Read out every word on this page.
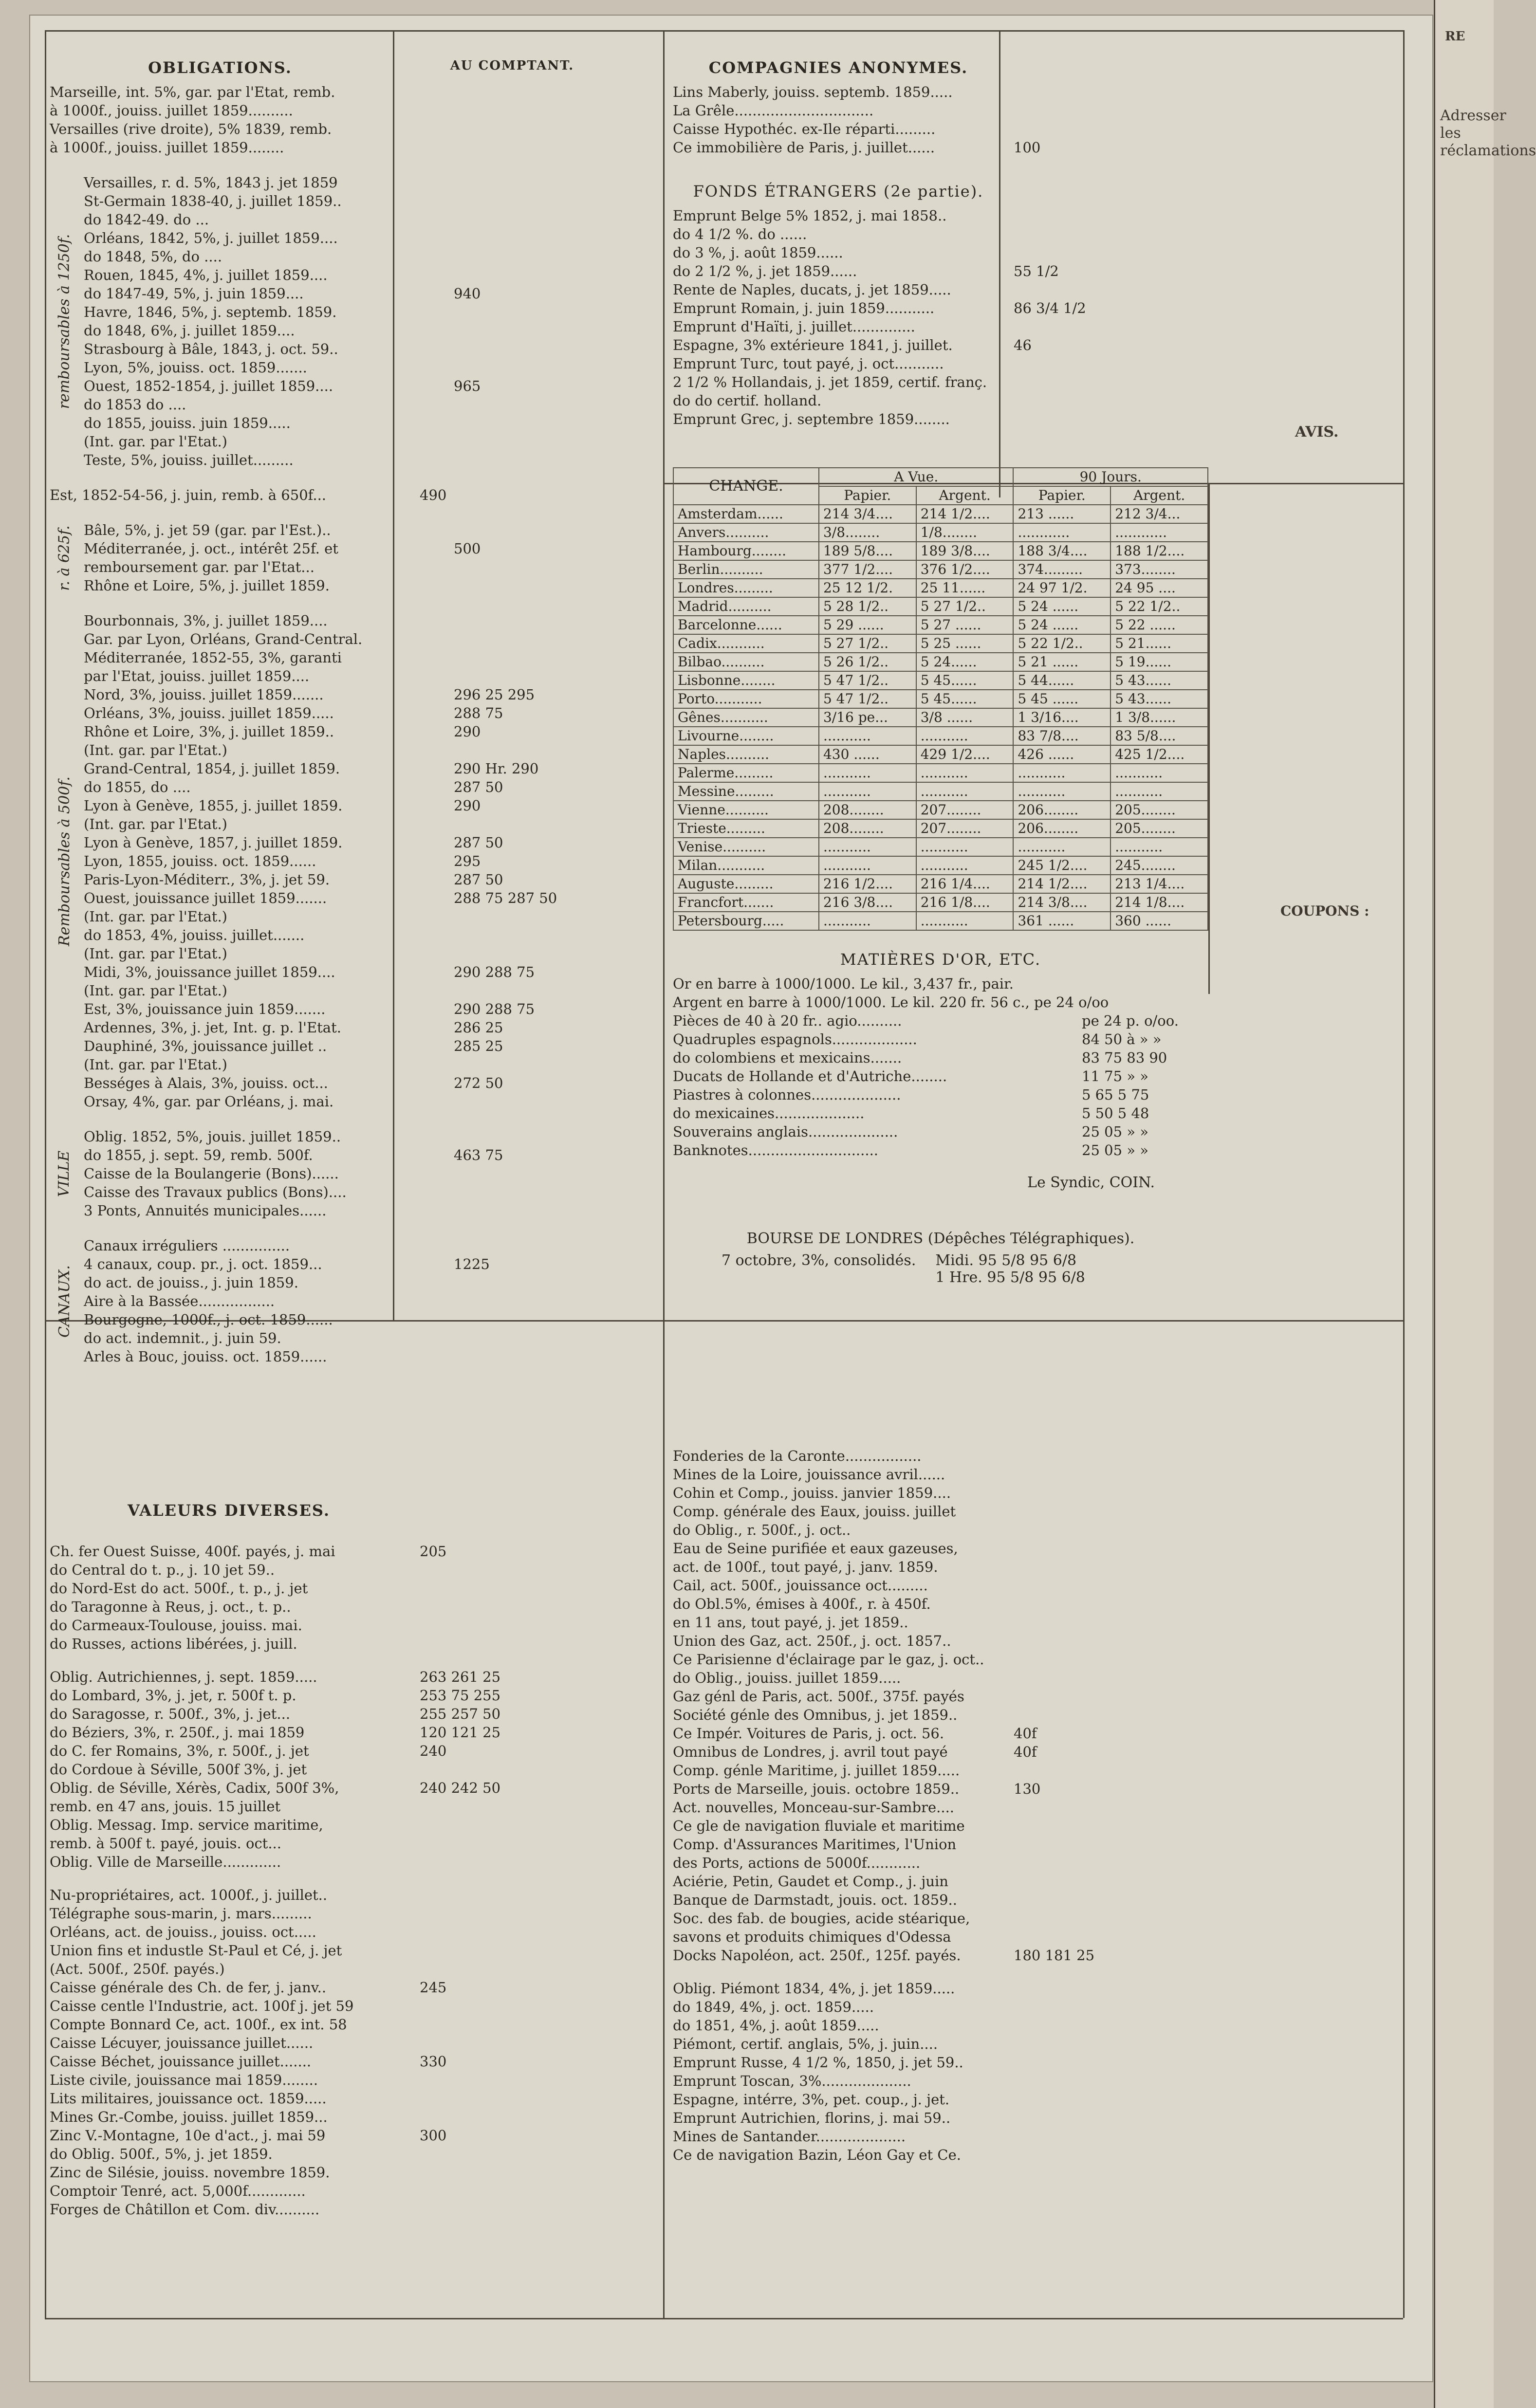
OBLIGATIONS.	AU COMPTANT.
Marseille, int. 5%, gar. par l'Etat, remb.
à 1000f., jouiss. juillet 1859..........
Versailles (rive droite), 5% 1839, remb.
à 1000f., jouiss. juillet 1859........
remboursables à 1250f.
Versailles, r. d. 5%, 1843 j. jet 1859
St-Germain 1838-40, j. juillet 1859..
do 1842-49. do ...
Orléans, 1842, 5%, j. juillet 1859....
do 1848, 5%, do ....
Rouen, 1845, 4%, j. juillet 1859....
do 1847-49, 5%, j. juin 1859....	940
Havre, 1846, 5%, j. septemb. 1859.
do 1848, 6%, j. juillet 1859....
Strasbourg à Bâle, 1843, j. oct. 59..
Lyon, 5%, jouiss. oct. 1859.......
Ouest, 1852-1854, j. juillet 1859....	965
do 1853 do ....
do 1855, jouiss. juin 1859.....
(Int. gar. par l'Etat.)
Teste, 5%, jouiss. juillet.........
Est, 1852-54-56, j. juin, remb. à 650f...	490
r. à 625f. Bâle, 5%, j. jet 59 (gar. par l'Est.)..
Méditerranée, j. oct., intérêt 25f. et	500
remboursement gar. par l'Etat...
Rhône et Loire, 5%, j. juillet 1859.
Remboursables à 500f.
Bourbonnais, 3%, j. juillet 1859....
Gar. par Lyon, Orléans, Grand-Central.
Méditerranée, 1852-55, 3%, garanti
par l'Etat, jouiss. juillet 1859....
Nord, 3%, jouiss. juillet 1859.......	296 25 295
Orléans, 3%, jouiss. juillet 1859.....	288 75
Rhône et Loire, 3%, j. juillet 1859..	290
(Int. gar. par l'Etat.)
Grand-Central, 1854, j. juillet 1859.	290 Hr. 290
do 1855, do ....	287 50
Lyon à Genève, 1855, j. juillet 1859.	290
(Int. gar. par l'Etat.)
Lyon à Genève, 1857, j. juillet 1859.	287 50
Lyon, 1855, jouiss. oct. 1859......	295
Paris-Lyon-Méditerr., 3%, j. jet 59.	287 50
Ouest, jouissance juillet 1859.......	288 75 287 50
(Int. gar. par l'Etat.)
do 1853, 4%, jouiss. juillet.......
(Int. gar. par l'Etat.)
Midi, 3%, jouissance juillet 1859....	290 288 75
(Int. gar. par l'Etat.)
Est, 3%, jouissance juin 1859.......	290 288 75
Ardennes, 3%, j. jet, Int. g. p. l'Etat.	286 25
Dauphiné, 3%, jouissance juillet ..	285 25
(Int. gar. par l'Etat.)
Bességes à Alais, 3%, jouiss. oct...	272 50
Orsay, 4%, gar. par Orléans, j. mai.
VILLE
Oblig. 1852, 5%, jouis. juillet 1859..
do 1855, j. sept. 59, remb. 500f.	463 75
Caisse de la Boulangerie (Bons)......
Caisse des Travaux publics (Bons)....
3 Ponts, Annuités municipales......
CANAUX.
Canaux irréguliers ...............
4 canaux, coup. pr., j. oct. 1859...	1225
do act. de jouiss., j. juin 1859.
Aire à la Bassée.................
Bourgogne, 1000f., j. oct. 1859......
do act. indemnit., j. juin 59.
Arles à Bouc, jouiss. oct. 1859......
VALEURS DIVERSES.
Ch. fer Ouest Suisse, 400f. payés, j. mai	205
do Central do t. p., j. 10 jet 59..
do Nord-Est do act. 500f., t. p., j. jet
do Taragonne à Reus, j. oct., t. p..
do Carmeaux-Toulouse, jouiss. mai.
do Russes, actions libérées, j. juill.
Oblig. Autrichiennes, j. sept. 1859.....	263 261 25
do Lombard, 3%, j. jet, r. 500f t. p.	253 75 255
do Saragosse, r. 500f., 3%, j. jet...	255 257 50
do Béziers, 3%, r. 250f., j. mai 1859	120 121 25
do C. fer Romains, 3%, r. 500f., j. jet	240
do Cordoue à Séville, 500f 3%, j. jet
Oblig. de Séville, Xérès, Cadix, 500f 3%,	240 242 50
remb. en 47 ans, jouis. 15 juillet
Oblig. Messag. Imp. service maritime,
remb. à 500f t. payé, jouis. oct...
Oblig. Ville de Marseille.............
Nu-propriétaires, act. 1000f., j. juillet..
Télégraphe sous-marin, j. mars.........
Orléans, act. de jouiss., jouiss. oct.....
Union fins et industle St-Paul et Cé, j. jet
(Act. 500f., 250f. payés.)
Caisse générale des Ch. de fer, j. janv..	245
Caisse centle l'Industrie, act. 100f j. jet 59
Compte Bonnard Ce, act. 100f., ex int. 58
Caisse Lécuyer, jouissance juillet......
Caisse Béchet, jouissance juillet.......	330
Liste civile, jouissance mai 1859........
Lits militaires, jouissance oct. 1859.....
Mines Gr.-Combe, jouiss. juillet 1859...
Zinc V.-Montagne, 10e d'act., j. mai 59	300
do Oblig. 500f., 5%, j. jet 1859.
Zinc de Silésie, jouiss. novembre 1859.
Comptoir Tenré, act. 5,000f.............
Forges de Châtillon et Com. div..........
COMPAGNIES ANONYMES.
Lins Maberly, jouiss. septemb. 1859.....
La Grêle...............................
Caisse Hypothéc. ex-Ile réparti.........
Ce immobilière de Paris, j. juillet......	100
FONDS ÉTRANGERS (2e partie).
Emprunt Belge 5% 1852, j. mai 1858..
do 4 1/2 %. do ......
do 3 %, j. août 1859......
do 2 1/2 %, j. jet 1859......	55 1/2
Rente de Naples, ducats, j. jet 1859.....
Emprunt Romain, j. juin 1859...........	86 3/4 1/2
Emprunt d'Haïti, j. juillet..............
Espagne, 3% extérieure 1841, j. juillet.	46
Emprunt Turc, tout payé, j. oct...........
2 1/2 % Hollandais, j. jet 1859, certif. franç.
do do certif. holland.
Emprunt Grec, j. septembre 1859........
CHANGE.	A Vue.		90 Jours.	
	Papier.	Argent.	Papier.	Argent.
Amsterdam......	214 3/4....	214 1/2....	213 ......	212 3/4...
Anvers..........	3/8........	1/8........	............	............
Hambourg........	189 5/8....	189 3/8....	188 3/4....	188 1/2....
Berlin..........	377 1/2....	376 1/2....	374.........	373........
Londres.........	25 12 1/2.	25 11......	24 97 1/2.	24 95 ....
Madrid..........	5 28 1/2..	5 27 1/2..	5 24 ......	5 22 1/2..
Barcelonne......	5 29 ......	5 27 ......	5 24 ......	5 22 ......
Cadix...........	5 27 1/2..	5 25 ......	5 22 1/2..	5 21......
Bilbao..........	5 26 1/2..	5 24......	5 21 ......	5 19......
Lisbonne........	5 47 1/2..	5 45......	5 44......	5 43......
Porto...........	5 47 1/2..	5 45......	5 45 ......	5 43......
Gênes...........	3/16 pe...	3/8 ......	1 3/16....	1 3/8......
Livourne........	...........	...........	83 7/8....	83 5/8....
Naples..........	430 ......	429 1/2....	426 ......	425 1/2....
Palerme.........	...........	...........	...........	...........
Messine.........	...........	...........	...........	...........
Vienne..........	208........	207........	206........	205........
Trieste.........	208........	207........	206........	205........
Venise..........	...........	...........	...........	...........
Milan...........	...........	...........	245 1/2....	245........
Auguste.........	216 1/2....	216 1/4....	214 1/2....	213 1/4....
Francfort.......	216 3/8....	216 1/8....	214 3/8....	214 1/8....
Petersbourg.....	...........	...........	361 ......	360 ......
MATIÈRES D'OR, ETC.
Or en barre à 1000/1000. Le kil., 3,437 fr., pair.
Argent en barre à 1000/1000. Le kil. 220 fr. 56 c., pe 24 o/oo
Pièces de 40 à 20 fr.. agio..........	pe 24 p. o/oo.
Quadruples espagnols...................	84 50 à » »
do colombiens et mexicains.......	83 75 83 90
Ducats de Hollande et d'Autriche........	11 75 » »
Piastres à colonnes....................	5 65 5 75
do mexicaines....................	5 50 5 48
Souverains anglais....................	25 05 » »
Banknotes.............................	25 05 » »
Le Syndic, COIN.
BOURSE DE LONDRES (Dépêches Télégraphiques).
7 octobre, 3%, consolidés. Midi. 95 5/8 95 6/8
1 Hre. 95 5/8 95 6/8
Fonderies de la Caronte.................
Mines de la Loire, jouissance avril......
Cohin et Comp., jouiss. janvier 1859....
Comp. générale des Eaux, jouiss. juillet
do Oblig., r. 500f., j. oct..
Eau de Seine purifiée et eaux gazeuses,
act. de 100f., tout payé, j. janv. 1859.
Cail, act. 500f., jouissance oct.........
do Obl.5%, émises à 400f., r. à 450f.
en 11 ans, tout payé, j. jet 1859..
Union des Gaz, act. 250f., j. oct. 1857..
Ce Parisienne d'éclairage par le gaz, j. oct..
do Oblig., jouiss. juillet 1859.....
Gaz génl de Paris, act. 500f., 375f. payés
Société génle des Omnibus, j. jet 1859..
Ce Impér. Voitures de Paris, j. oct. 56.	40f
Omnibus de Londres, j. avril tout payé	40f
Comp. génle Maritime, j. juillet 1859.....
Ports de Marseille, jouis. octobre 1859..	130
Act. nouvelles, Monceau-sur-Sambre....
Ce gle de navigation fluviale et maritime
Comp. d'Assurances Maritimes, l'Union
des Ports, actions de 5000f............
Aciérie, Petin, Gaudet et Comp., j. juin
Banque de Darmstadt, jouis. oct. 1859..
Soc. des fab. de bougies, acide stéarique,
savons et produits chimiques d'Odessa
Docks Napoléon, act. 250f., 125f. payés.	180 181 25
Oblig. Piémont 1834, 4%, j. jet 1859.....
do 1849, 4%, j. oct. 1859.....
do 1851, 4%, j. août 1859.....
Piémont, certif. anglais, 5%, j. juin....
Emprunt Russe, 4 1/2 %, 1850, j. jet 59..
Emprunt Toscan, 3%....................
Espagne, intérre, 3%, pet. coup., j. jet.
Emprunt Autrichien, florins, j. mai 59..
Mines de Santander....................
Ce de navigation Bazin, Léon Gay et Ce.
RE
Adresser les réclamations
AVIS.
COUPONS :
